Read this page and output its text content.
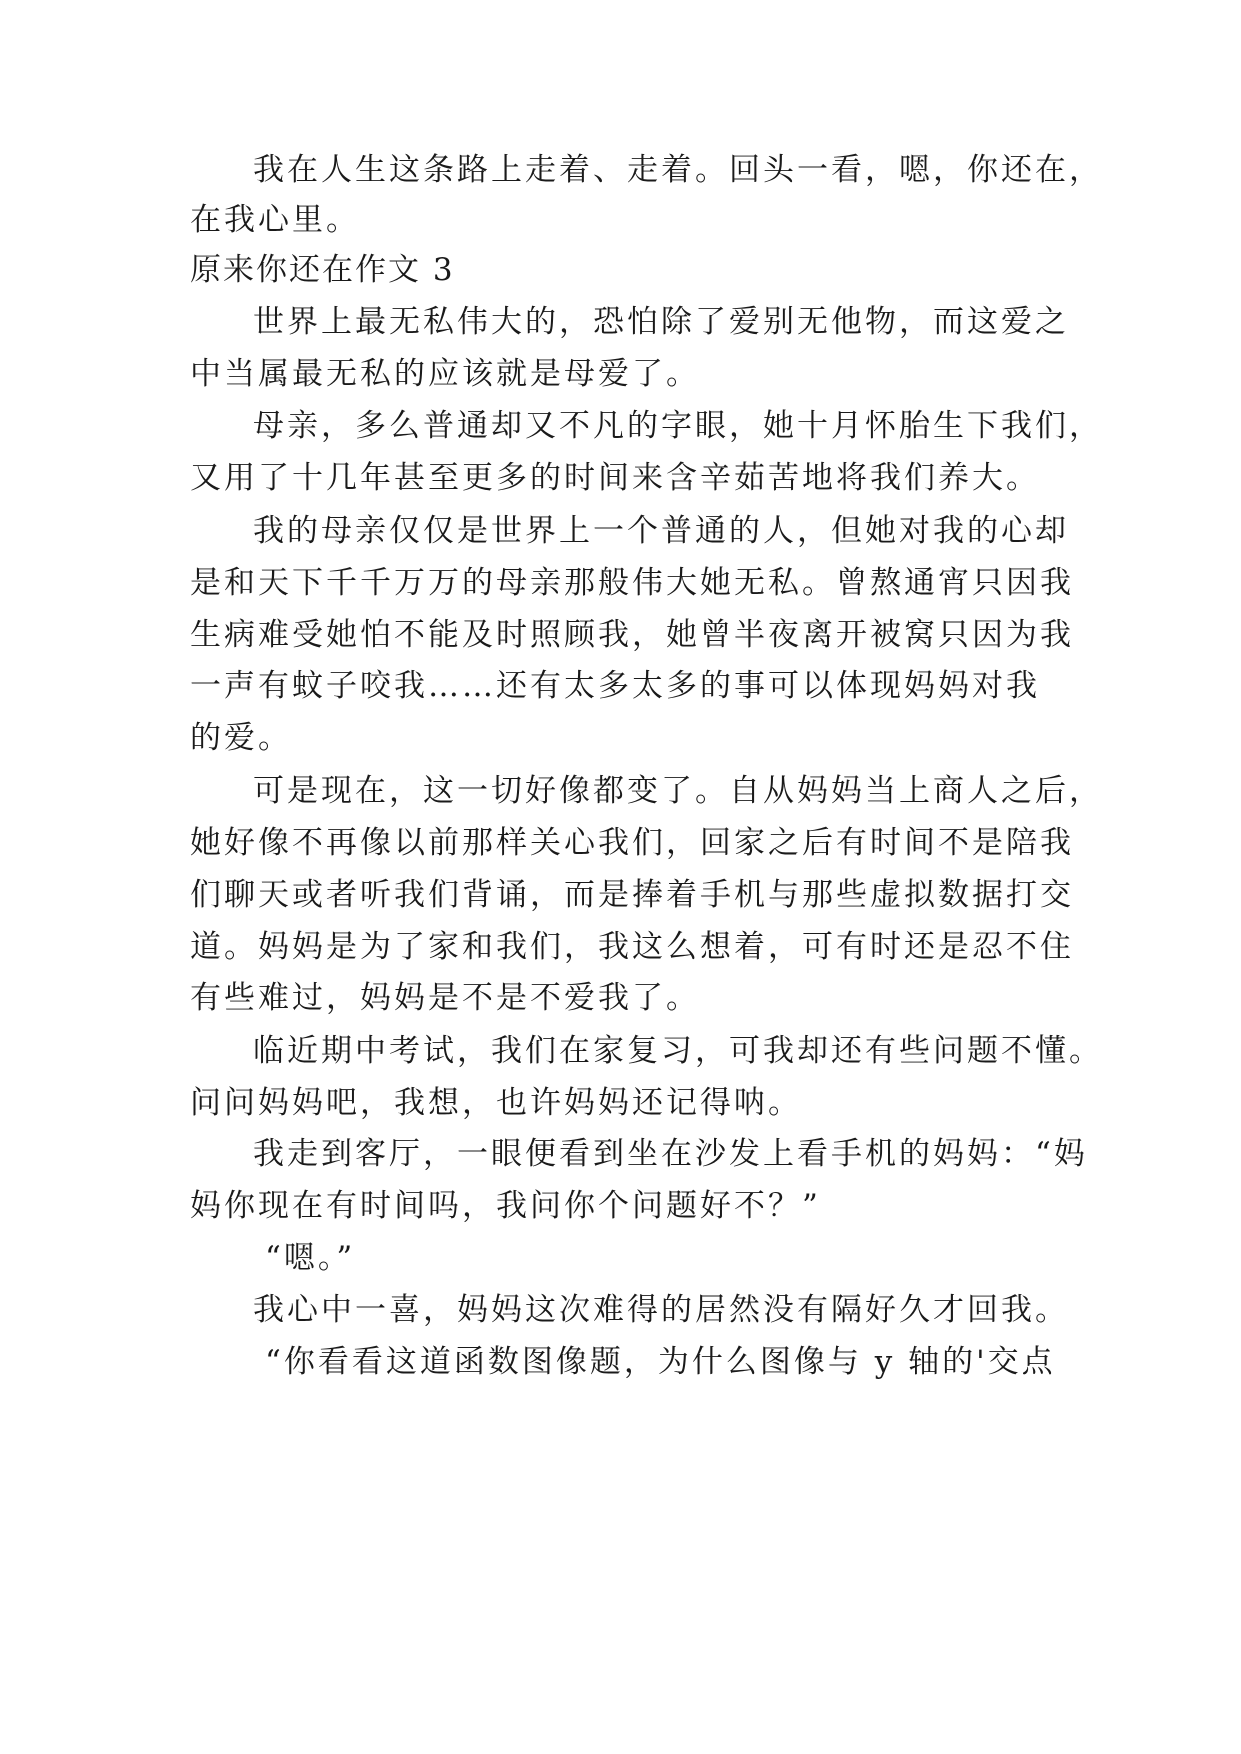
我在人生这条路上走着、走着。回头一看，嗯，你还在，
在我心里。
原来你还在作文 3
世界上最无私伟大的，恐怕除了爱别无他物，而这爱之
中当属最无私的应该就是母爱了。
母亲，多么普通却又不凡的字眼，她十月怀胎生下我们，
又用了十几年甚至更多的时间来含辛茹苦地将我们养大。
我的母亲仅仅是世界上一个普通的人，但她对我的心却
是和天下千千万万的母亲那般伟大她无私。曾熬通宵只因我
生病难受她怕不能及时照顾我，她曾半夜离开被窝只因为我
一声有蚊子咬我……还有太多太多的事可以体现妈妈对我
的爱。
可是现在，这一切好像都变了。自从妈妈当上商人之后，
她好像不再像以前那样关心我们，回家之后有时间不是陪我
们聊天或者听我们背诵，而是捧着手机与那些虚拟数据打交
道。妈妈是为了家和我们，我这么想着，可有时还是忍不住
有些难过，妈妈是不是不爱我了。
临近期中考试，我们在家复习，可我却还有些问题不懂。
问问妈妈吧，我想，也许妈妈还记得呐。
我走到客厅，一眼便看到坐在沙发上看手机的妈妈：“妈
妈你现在有时间吗，我问你个问题好不？”
“嗯。”
我心中一喜，妈妈这次难得的居然没有隔好久才回我。
“你看看这道函数图像题，为什么图像与 y 轴的'交点
